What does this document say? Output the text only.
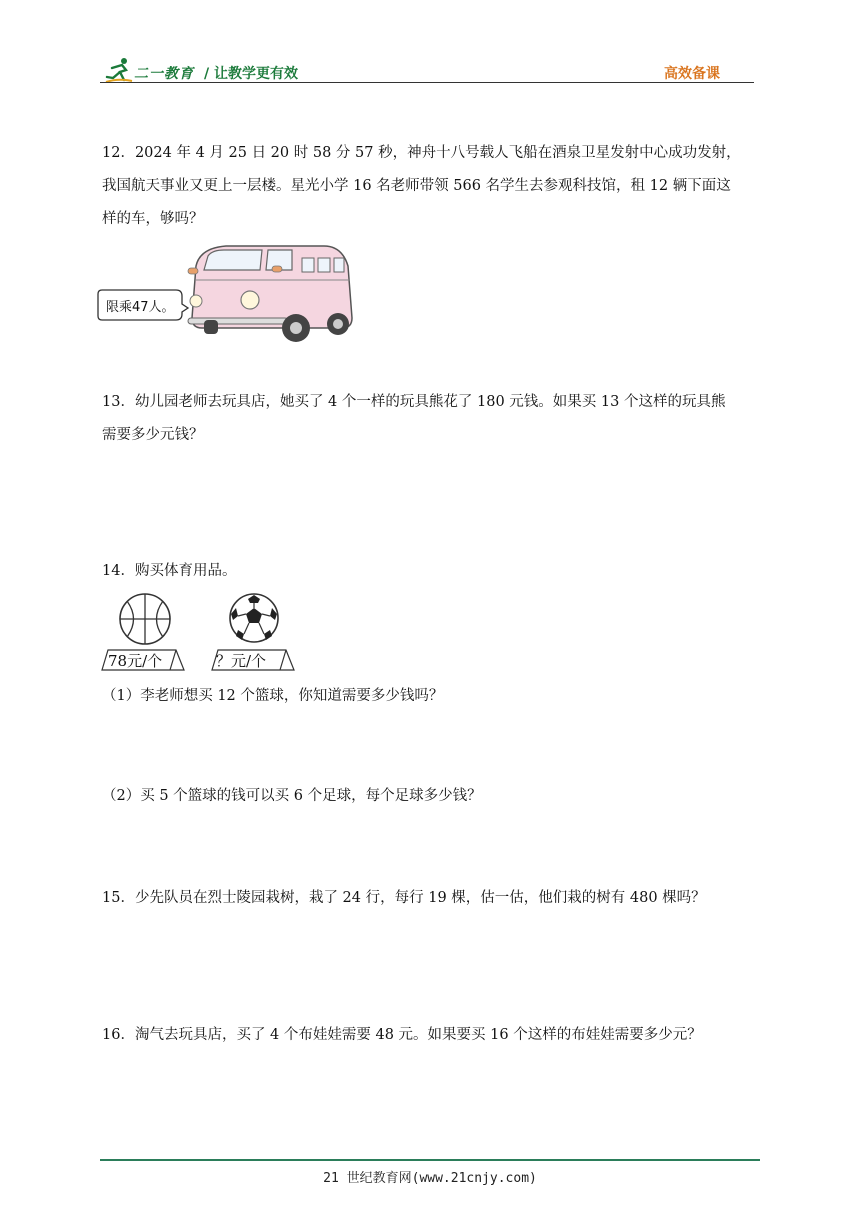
二一教育 / 让教学更有效	高效备课
12．2024 年 4 月 25 日 20 时 58 分 57 秒，神舟十八号载人飞船在酒泉卫星发射中心成功发射，
我国航天事业又更上一层楼。星光小学 16 名老师带领 566 名学生去参观科技馆，租 12 辆下面这
样的车，够吗？
限乘47人。
13．幼儿园老师去玩具店，她买了 4 个一样的玩具熊花了 180 元钱。如果买 13 个这样的玩具熊
需要多少元钱？
14．购买体育用品。
78元/个	？元/个
（1）李老师想买 12 个篮球，你知道需要多少钱吗？
（2）买 5 个篮球的钱可以买 6 个足球，每个足球多少钱？
15．少先队员在烈士陵园栽树，栽了 24 行，每行 19 棵，估一估，他们栽的树有 480 棵吗？
16．淘气去玩具店，买了 4 个布娃娃需要 48 元。如果要买 16 个这样的布娃娃需要多少元？
21 世纪教育网(www.21cnjy.com)
